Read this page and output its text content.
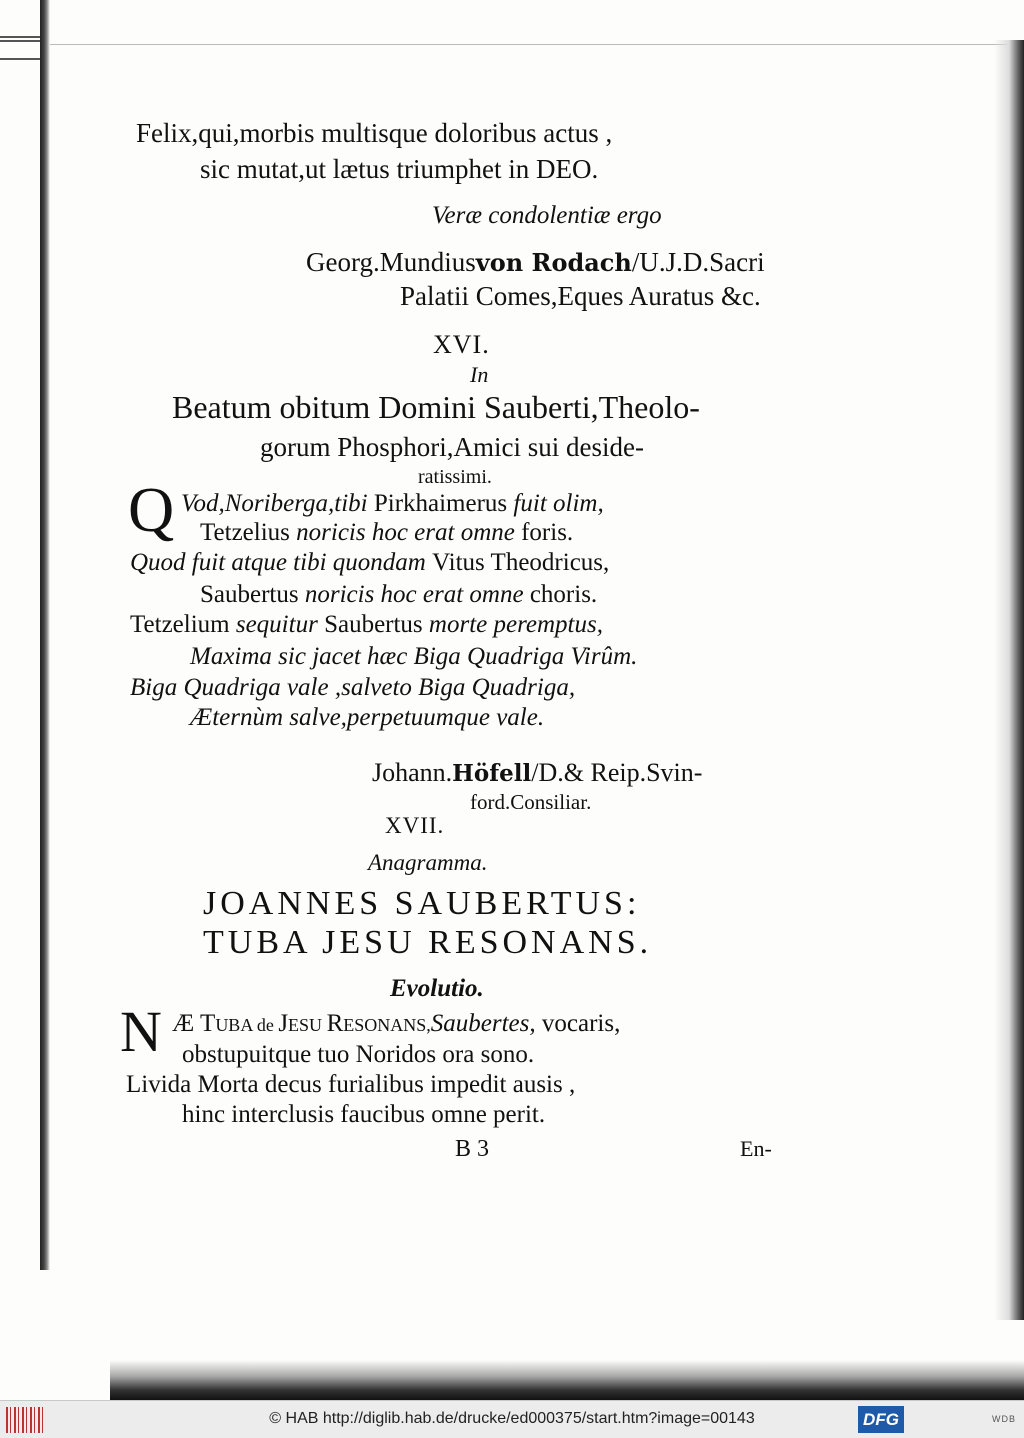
Felix,qui,morbis multisque doloribus actus ,

sic mutat,ut lætus triumphet in DEO.

Veræ condolentiæ ergo

Georg.Mundiusvon Rodach/U.J.D.Sacri

Palatii Comes,Eques Auratus &c.

XVI.

In

Beatum obitum Domini Sauberti,Theolo-

gorum Phosphori,Amici sui deside-

ratissimi.

Q Vod,Noriberga,tibi Pirkhaimerus fuit olim,

Tetzelius noricis hoc erat omne foris.

Quod fuit atque tibi quondam Vitus Theodricus,

Saubertus noricis hoc erat omne choris.

Tetzelium sequitur Saubertus morte peremptus,

Maxima sic jacet hæc Biga Quadriga Virûm.

Biga Quadriga vale ,salveto Biga Quadriga,

Æternùm salve,perpetuumque vale.

Johann.Höfell/D.& Reip.Svin-

ford.Consiliar.

XVII.

Anagramma.

JOANNES SAUBERTUS:

TUBA JESU RESONANS.

Evolutio.

N Æ TUBA de JESU RESONANS,Saubertes, vocaris,

obstupuitque tuo Noridos ora sono.

Livida Morta decus furialibus impedit ausis ,

hinc interclusis faucibus omne perit.

B 3	En-

© HAB http://diglib.hab.de/drucke/ed000375/start.htm?image=00143	DFG	WDB
